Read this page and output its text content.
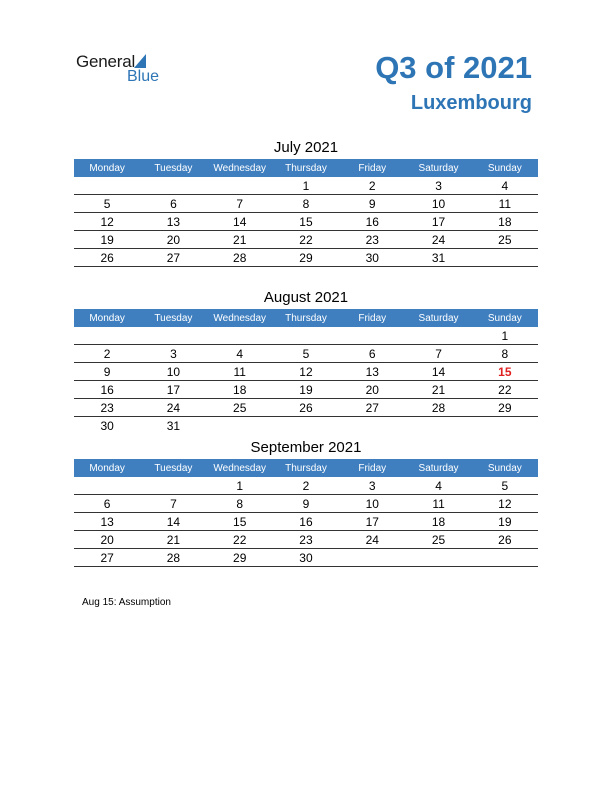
General
Blue	Q3 of 2021
Luxembourg
July 2021
Monday	Tuesday	Wednesday	Thursday	Friday	Saturday	Sunday
			1	2	3	4
5	6	7	8	9	10	11
12	13	14	15	16	17	18
19	20	21	22	23	24	25
26	27	28	29	30	31	
August 2021
Monday	Tuesday	Wednesday	Thursday	Friday	Saturday	Sunday
						1
2	3	4	5	6	7	8
9	10	11	12	13	14	15
16	17	18	19	20	21	22
23	24	25	26	27	28	29
30	31					
September 2021
Monday	Tuesday	Wednesday	Thursday	Friday	Saturday	Sunday
		1	2	3	4	5
6	7	8	9	10	11	12
13	14	15	16	17	18	19
20	21	22	23	24	25	26
27	28	29	30			
Aug 15: Assumption
